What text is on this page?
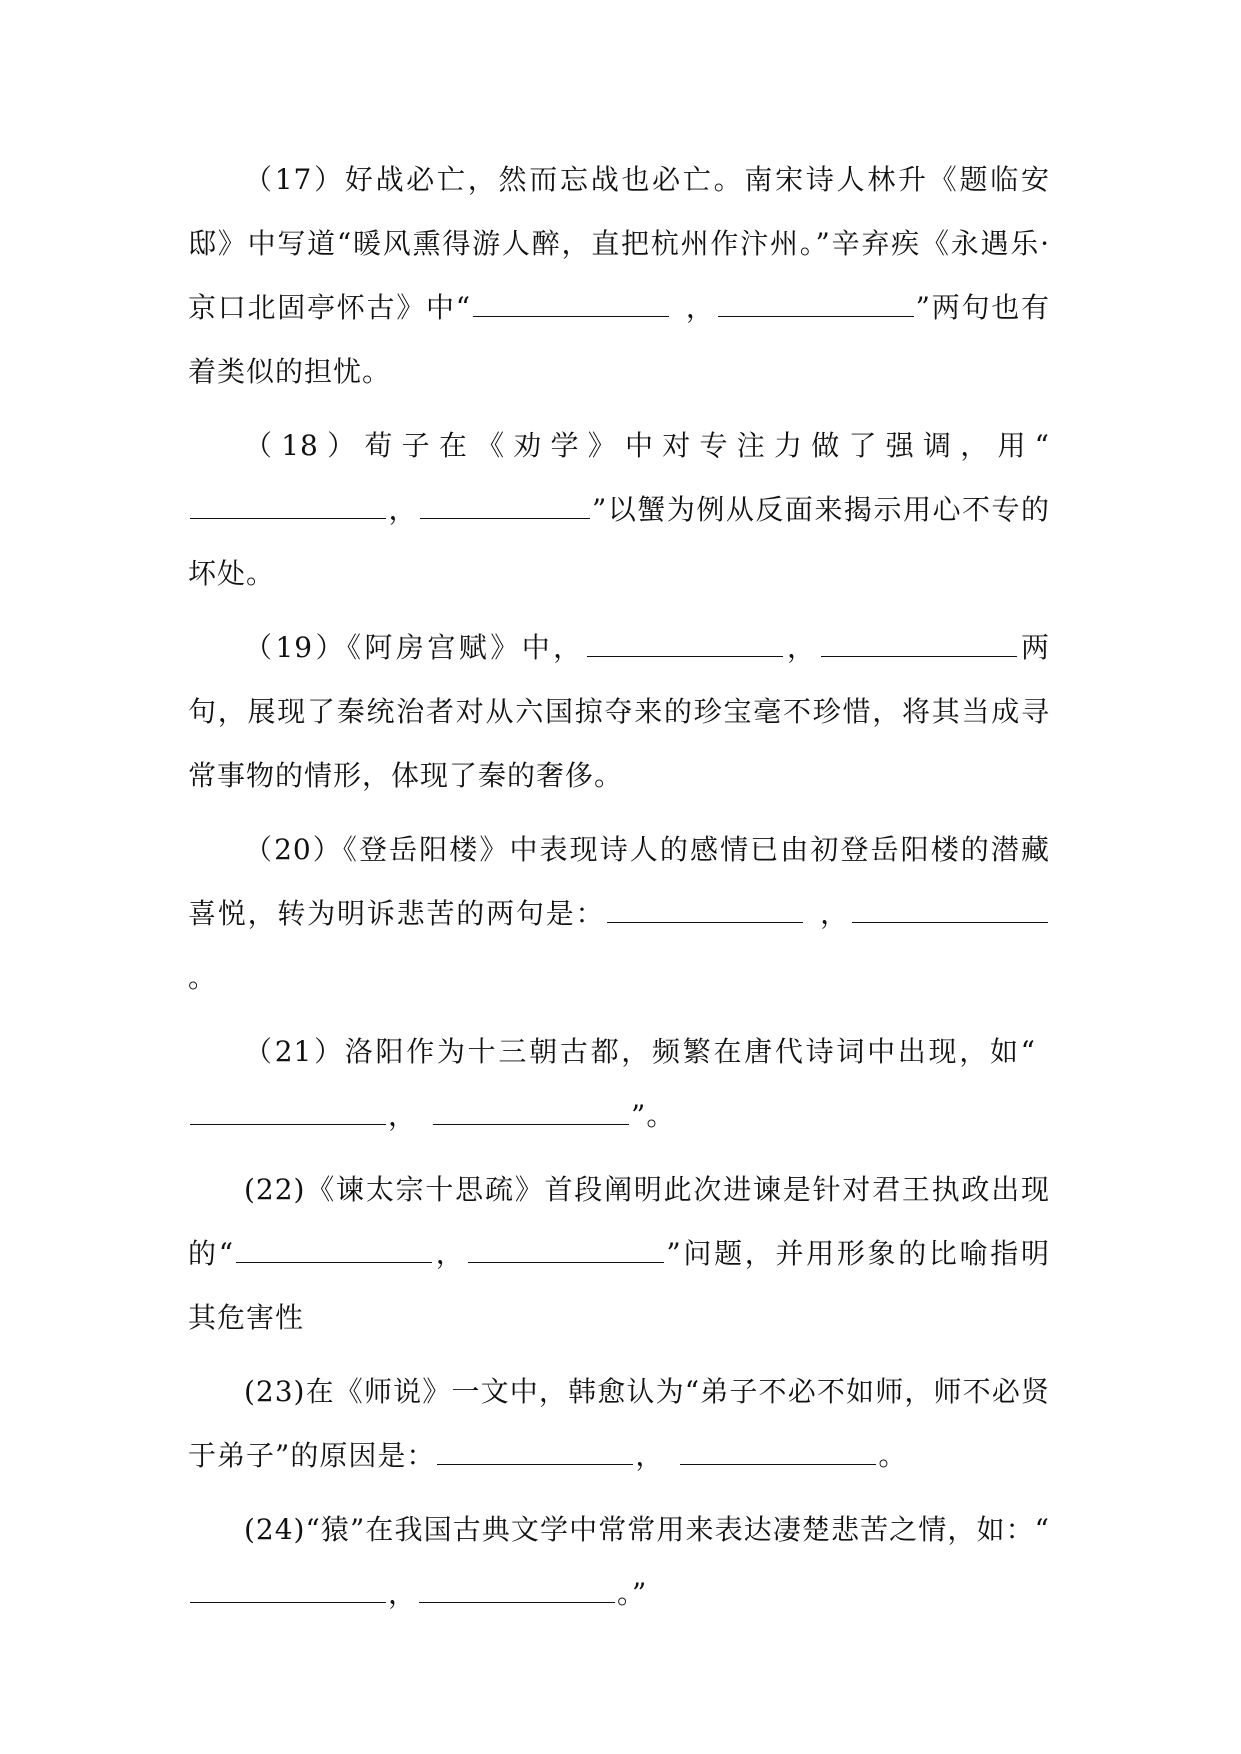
（17）好战必亡，然而忘战也必亡。南宋诗人林升《题临安邸》中写道“暖风熏得游人醉，直把杭州作汴州。”辛弃疾《永遇乐·京口北固亭怀古》中“	，	”两句也有着类似的担忧。

（18）荀子在《劝学》中对专注力做了强调，用“，	”以蟹为例从反面来揭示用心不专的坏处。

（19）《阿房宫赋》中，	，	两句，展现了秦统治者对从六国掠夺来的珍宝毫不珍惜，将其当成寻常事物的情形，体现了秦的奢侈。

（20）《登岳阳楼》中表现诗人的感情已由初登岳阳楼的潜藏喜悦，转为明诉悲苦的两句是：	，。

（21）洛阳作为十三朝古都，频繁在唐代诗词中出现，如“，	”。

(22)《谏太宗十思疏》首段阐明此次进谏是针对君王执政出现的“	，	”问题，并用形象的比喻指明其危害性

(23)在《师说》一文中，韩愈认为“弟子不必不如师，师不必贤于弟子”的原因是：	，	。

(24)“猿”在我国古典文学中常常用来表达凄楚悲苦之情，如：“，	。”
